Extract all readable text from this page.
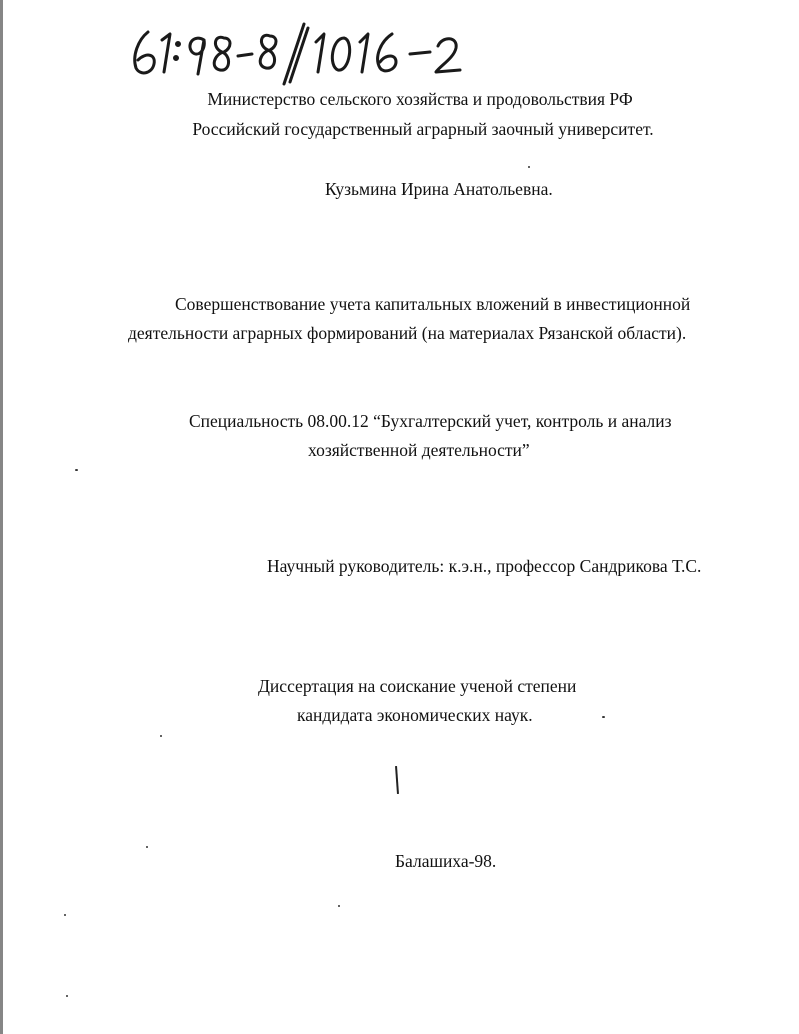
Министерство сельского хозяйства и продовольствия РФ
Российский государственный аграрный заочный университет.
Кузьмина Ирина Анатольевна.
Совершенствование учета капитальных вложений в инвестиционной
деятельности аграрных формирований (на материалах Рязанской области).
Специальность 08.00.12 “Бухгалтерский учет, контроль и анализ
хозяйственной деятельности”
Научный руководитель: к.э.н., профессор Сандрикова Т.С.
Диссертация на соискание ученой степени
кандидата экономических наук.
Балашиха-98.
